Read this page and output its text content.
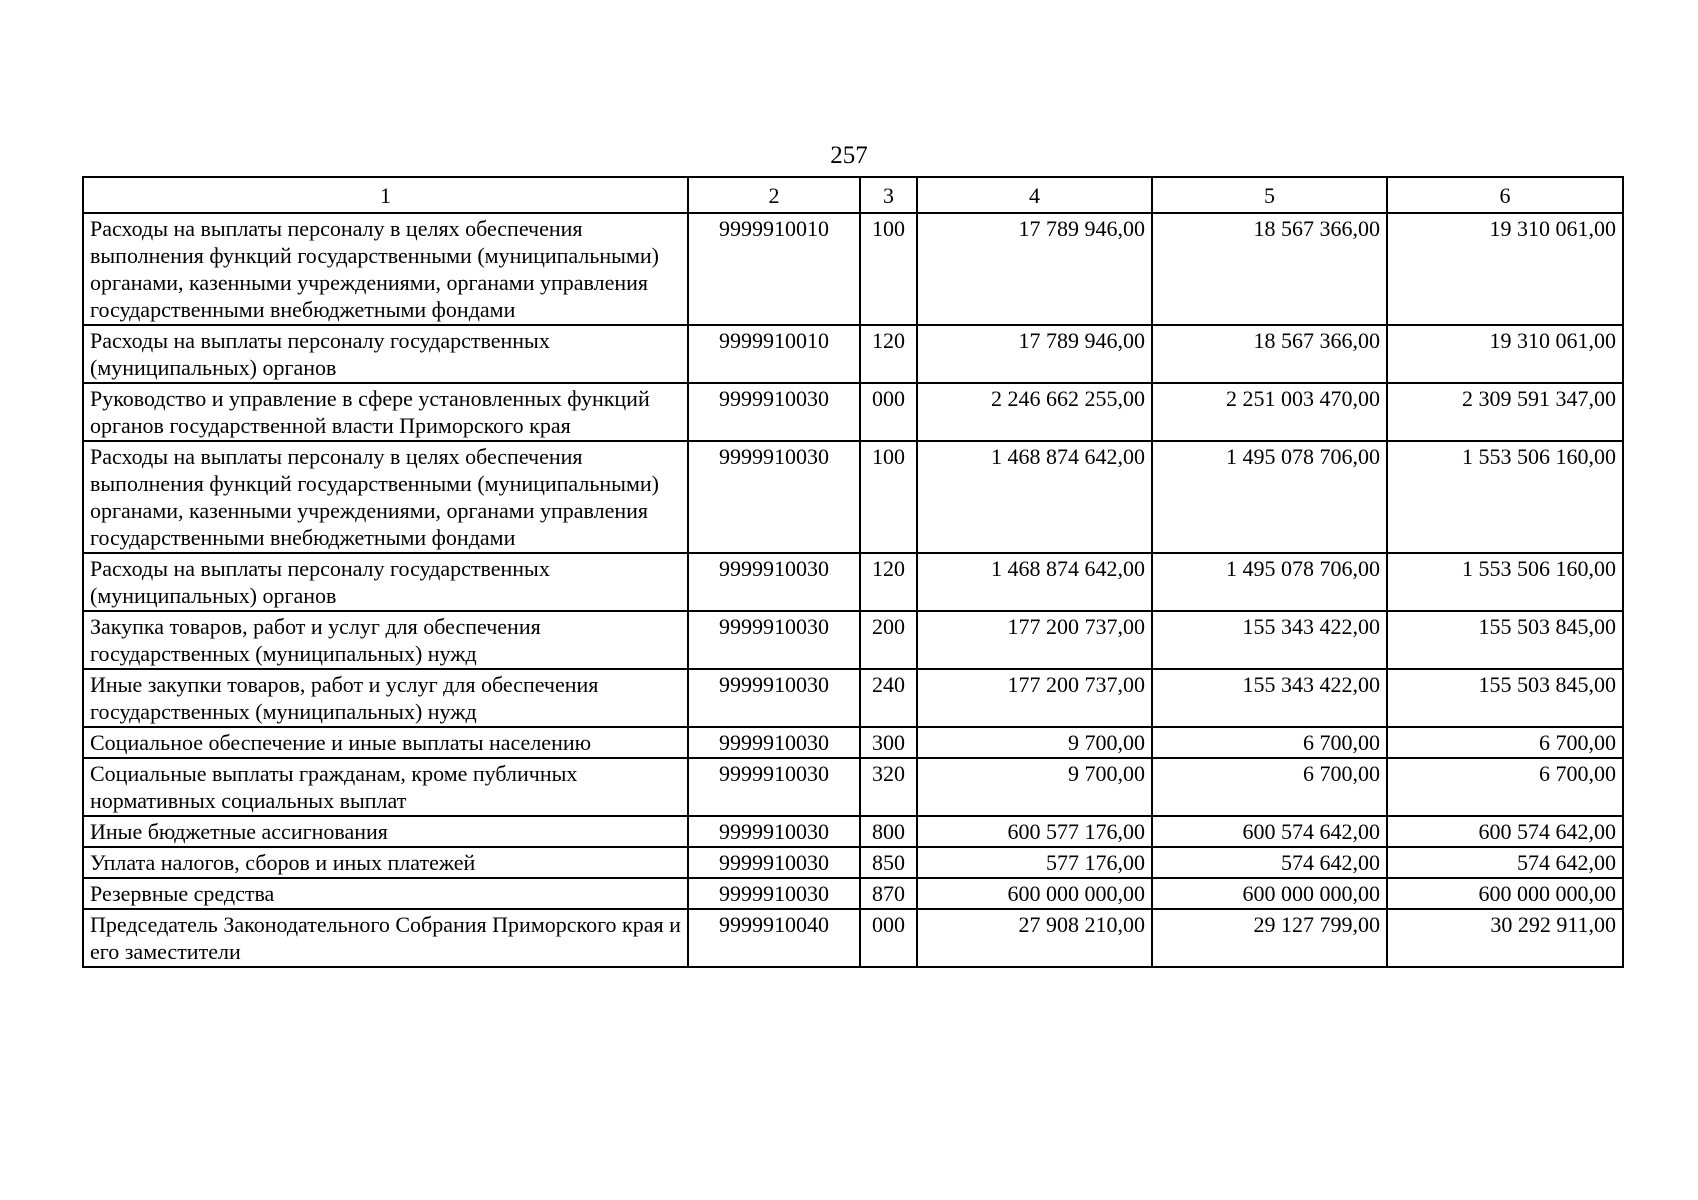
257
1	2	3	4	5	6
Расходы на выплаты персоналу в целях обеспечения выполнения функций государственными (муниципальными) органами, казенными учреждениями, органами управления государственными внебюджетными фондами	9999910010	100	17 789 946,00	18 567 366,00	19 310 061,00
Расходы на выплаты персоналу государственных (муниципальных) органов	9999910010	120	17 789 946,00	18 567 366,00	19 310 061,00
Руководство и управление в сфере установленных функций органов государственной власти Приморского края	9999910030	000	2 246 662 255,00	2 251 003 470,00	2 309 591 347,00
Расходы на выплаты персоналу в целях обеспечения выполнения функций государственными (муниципальными) органами, казенными учреждениями, органами управления государственными внебюджетными фондами	9999910030	100	1 468 874 642,00	1 495 078 706,00	1 553 506 160,00
Расходы на выплаты персоналу государственных (муниципальных) органов	9999910030	120	1 468 874 642,00	1 495 078 706,00	1 553 506 160,00
Закупка товаров, работ и услуг для обеспечения государственных (муниципальных) нужд	9999910030	200	177 200 737,00	155 343 422,00	155 503 845,00
Иные закупки товаров, работ и услуг для обеспечения государственных (муниципальных) нужд	9999910030	240	177 200 737,00	155 343 422,00	155 503 845,00
Социальное обеспечение и иные выплаты населению	9999910030	300	9 700,00	6 700,00	6 700,00
Социальные выплаты гражданам, кроме публичных нормативных социальных выплат	9999910030	320	9 700,00	6 700,00	6 700,00
Иные бюджетные ассигнования	9999910030	800	600 577 176,00	600 574 642,00	600 574 642,00
Уплата налогов, сборов и иных платежей	9999910030	850	577 176,00	574 642,00	574 642,00
Резервные средства	9999910030	870	600 000 000,00	600 000 000,00	600 000 000,00
Председатель Законодательного Собрания Приморского края и его заместители	9999910040	000	27 908 210,00	29 127 799,00	30 292 911,00
